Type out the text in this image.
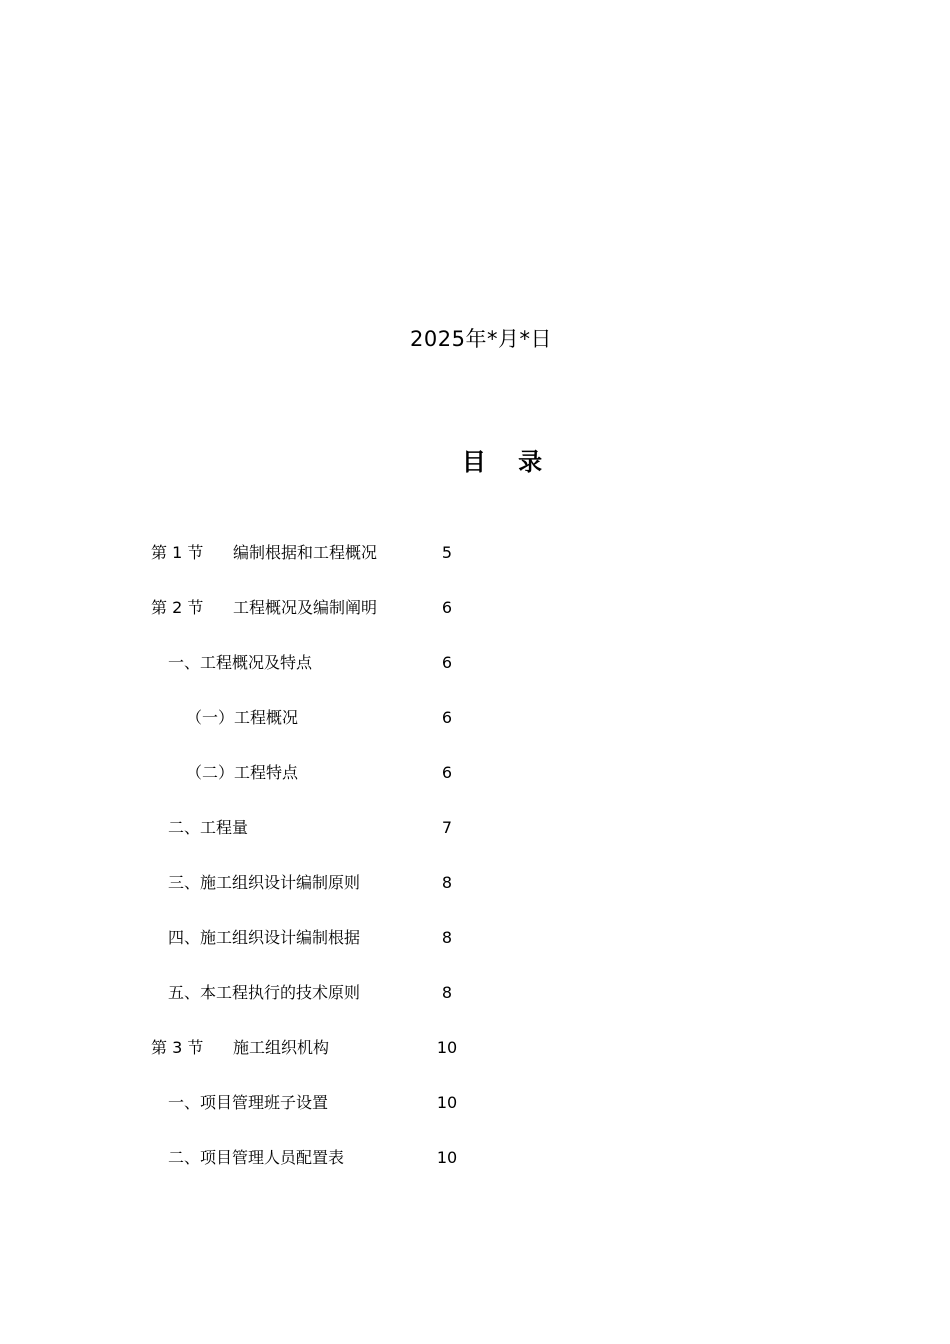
2025年*月*日
目 录
第 1 节	编制根据和工程概况	5
第 2 节	工程概况及编制阐明	6
一、工程概况及特点	6
（一）工程概况	6
（二）工程特点	6
二、工程量	7
三、施工组织设计编制原则	8
四、施工组织设计编制根据	8
五、本工程执行的技术原则	8
第 3 节	施工组织机构	10
一、项目管理班子设置	10
二、项目管理人员配置表	10
